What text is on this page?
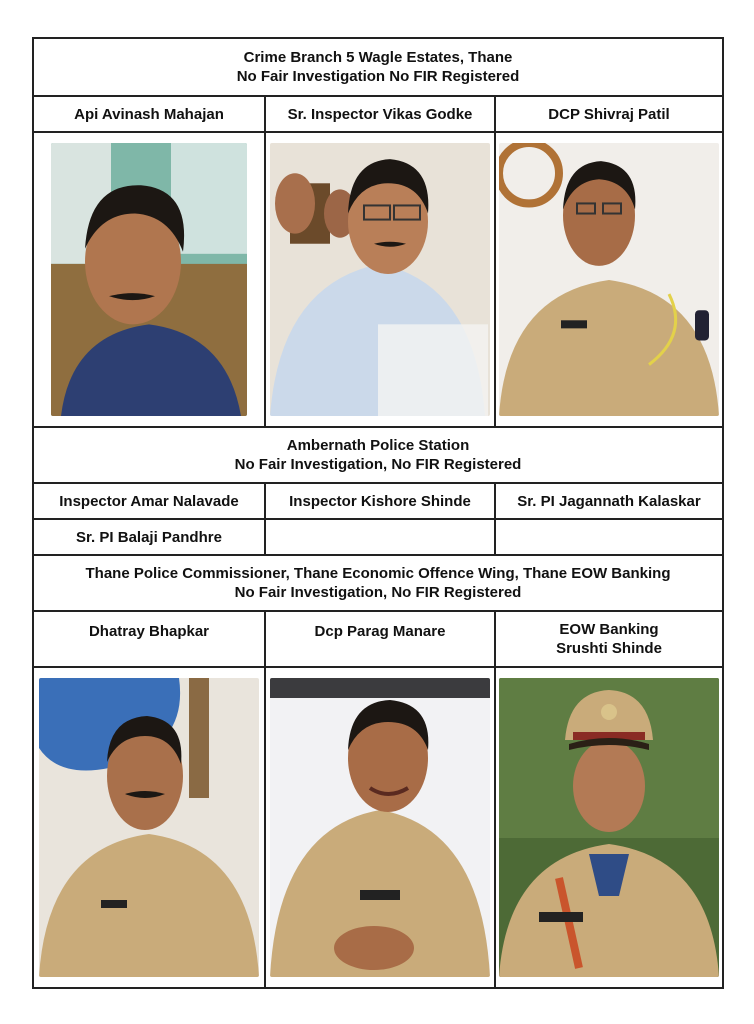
Crime Branch 5 Wagle Estates, Thane
No Fair Investigation No FIR Registered
Api Avinash Mahajan	Sr. Inspector Vikas Godke	DCP Shivraj Patil
Ambernath Police Station
No Fair Investigation, No FIR Registered
Inspector Amar Nalavade	Inspector Kishore Shinde	Sr. PI Jagannath Kalaskar
Sr. PI Balaji Pandhre
Thane Police Commissioner, Thane Economic Offence Wing, Thane EOW Banking
No Fair Investigation, No FIR Registered
Dhatray Bhapkar	Dcp Parag Manare	EOW Banking
Srushti Shinde
